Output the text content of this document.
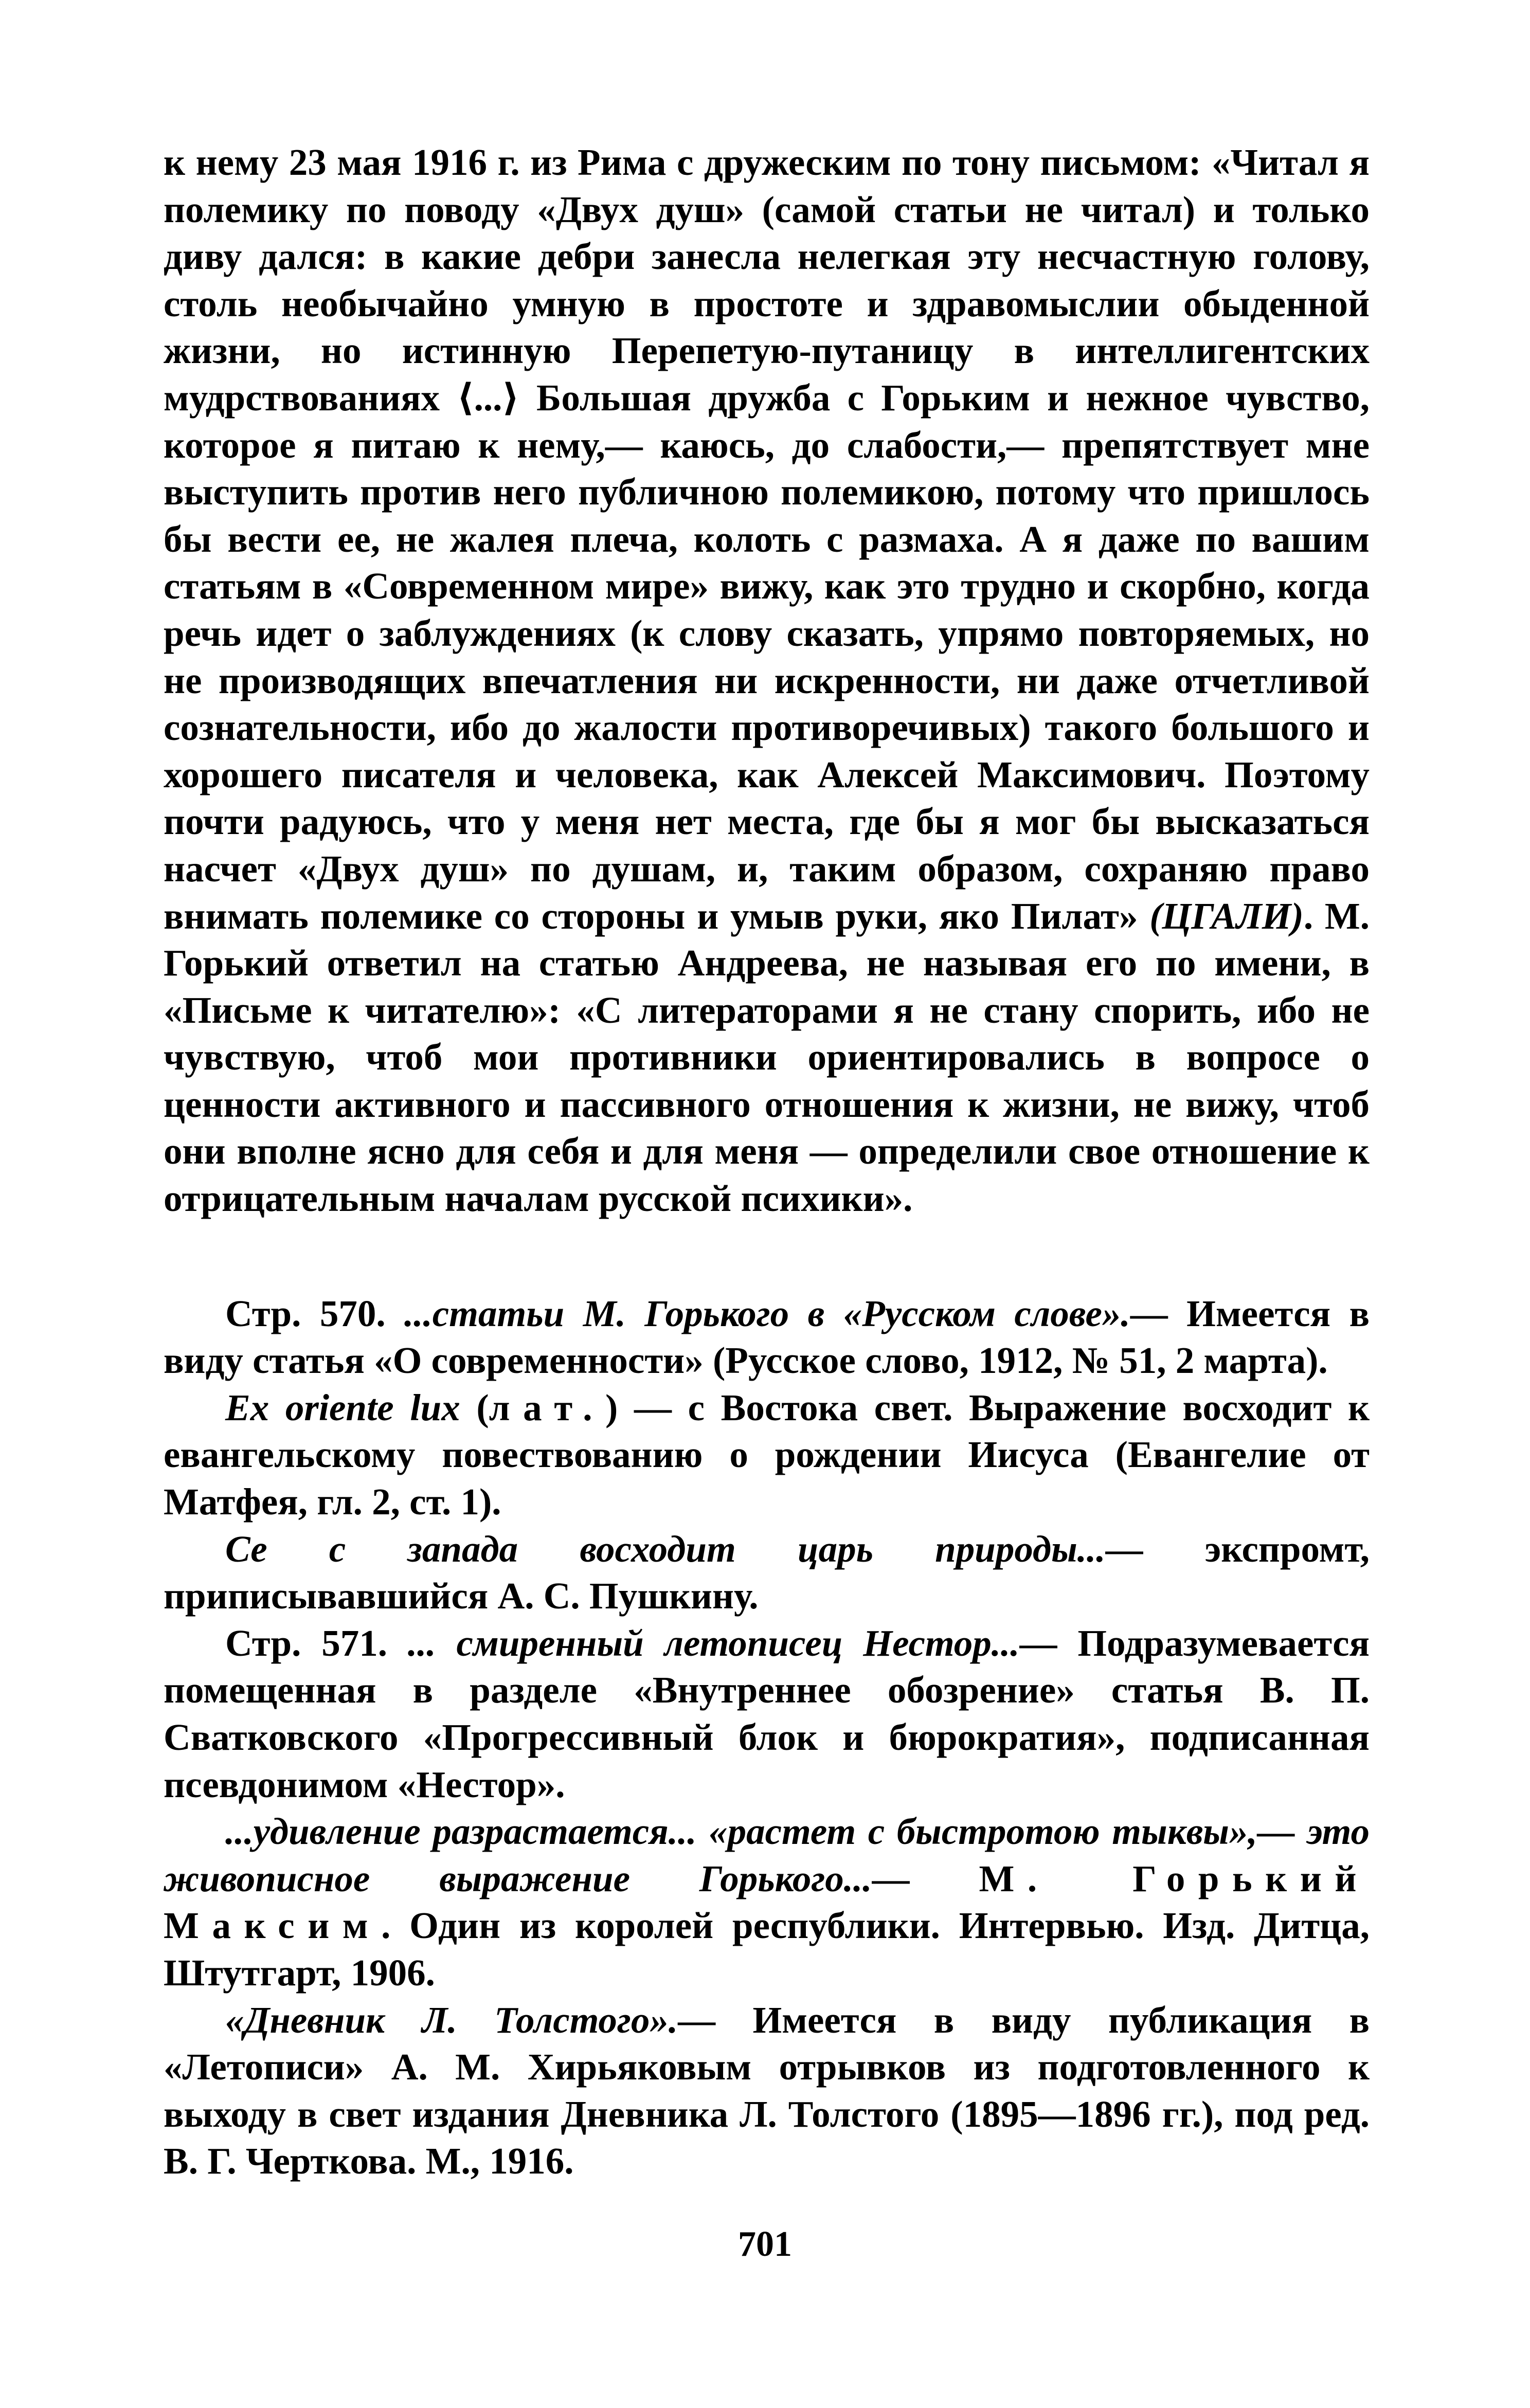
к нему 23 мая 1916 г. из Рима с дружеским по тону письмом: «Читал я полемику по поводу «Двух душ» (самой статьи не читал) и только диву дался: в какие дебри занесла нелегкая эту несчастную голову, столь необычайно умную в простоте и здравомыслии обыденной жизни, но истинную Перепетую-путаницу в интеллигентских мудрствованиях ⟨...⟩ Большая дружба с Горьким и нежное чувство, которое я питаю к нему,— каюсь, до слабости,— препятствует мне выступить против него публичною полемикою, потому что пришлось бы вести ее, не жалея плеча, колоть с размаха. А я даже по вашим статьям в «Современном мире» вижу, как это трудно и скорбно, когда речь идет о заблуждениях (к слову сказать, упрямо повторяемых, но не производящих впечатления ни искренности, ни даже отчетливой сознательности, ибо до жалости противоречивых) такого большого и хорошего писателя и человека, как Алексей Максимович. Поэтому почти радуюсь, что у меня нет места, где бы я мог бы высказаться насчет «Двух душ» по душам, и, таким образом, сохраняю право внимать полемике со стороны и умыв руки, яко Пилат» (ЦГАЛИ). М. Горький ответил на статью Андреева, не называя его по имени, в «Письме к читателю»: «С литераторами я не стану спорить, ибо не чувствую, чтоб мои противники ориентировались в вопросе о ценности активного и пассивного отношения к жизни, не вижу, чтоб они вполне ясно для себя и для меня — определили свое отношение к отрицательным началам русской психики».

Стр. 570. ...статьи М. Горького в «Русском слове».— Имеется в виду статья «О современности» (Русское слово, 1912, № 51, 2 марта).

Ex oriente lux (лат.) — с Востока свет. Выражение восходит к евангельскому повествованию о рождении Иисуса (Евангелие от Матфея, гл. 2, ст. 1).

Се с запада восходит царь природы...— экспромт, приписывавшийся А. С. Пушкину.

Стр. 571. ... смиренный летописец Нестор...— Подразумевается помещенная в разделе «Внутреннее обозрение» статья В. П. Сватковского «Прогрессивный блок и бюрократия», подписанная псевдонимом «Нестор».

...удивление разрастается... «растет с быстротою тыквы»,— это живописное выражение Горького...— М. Горький Максим. Один из королей республики. Интервью. Изд. Дитца, Штутгарт, 1906.

«Дневник Л. Толстого».— Имеется в виду публикация в «Летописи» А. М. Хирьяковым отрывков из подготовленного к выходу в свет издания Дневника Л. Толстого (1895—1896 гг.), под ред. В. Г. Черткова. М., 1916.

701
